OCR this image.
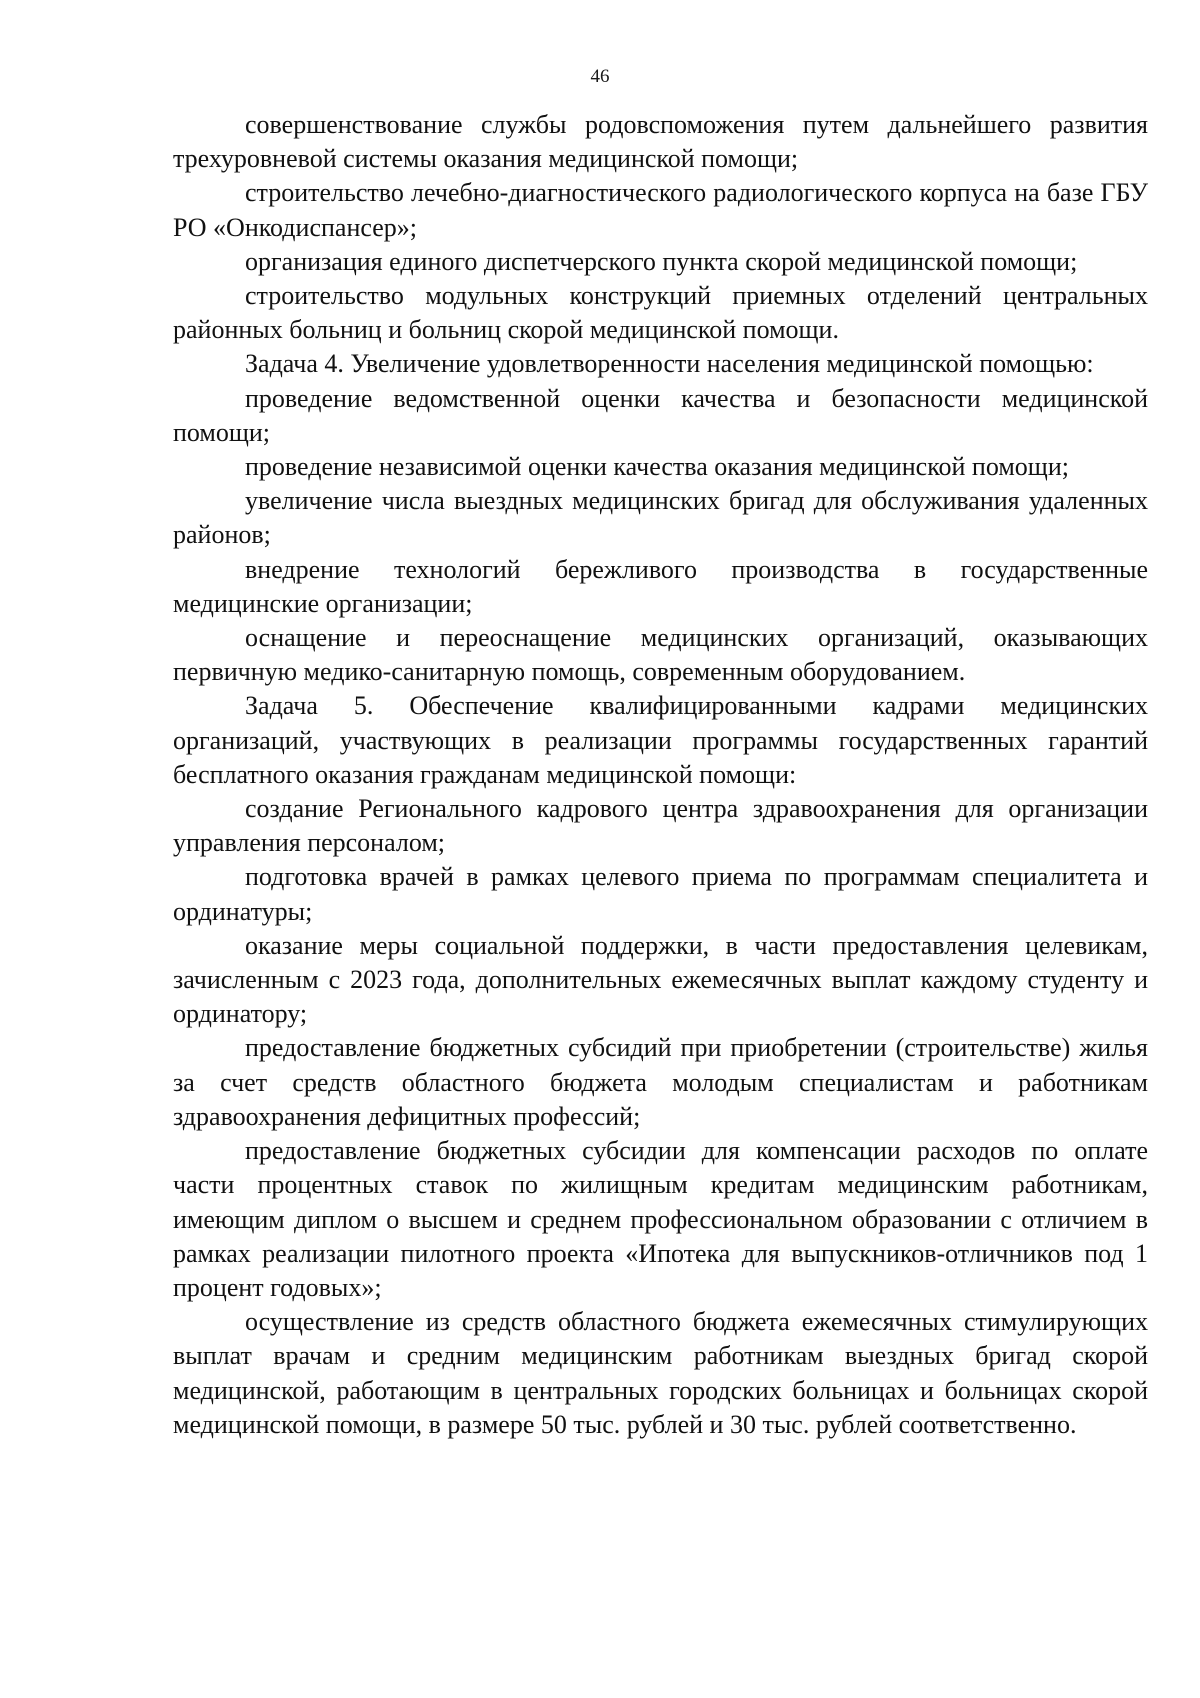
46

совершенствование службы родовспоможения путем дальнейшего развития трехуровневой системы оказания медицинской помощи;

строительство лечебно-диагностического радиологического корпуса на базе ГБУ РО «Онкодиспансер»;

организация единого диспетчерского пункта скорой медицинской помощи;

строительство модульных конструкций приемных отделений центральных районных больниц и больниц скорой медицинской помощи.

Задача 4. Увеличение удовлетворенности населения медицинской помощью:

проведение ведомственной оценки качества и безопасности медицинской помощи;

проведение независимой оценки качества оказания медицинской помощи;

увеличение числа выездных медицинских бригад для обслуживания удаленных районов;

внедрение технологий бережливого производства в государственные медицинские организации;

оснащение и переоснащение медицинских организаций, оказывающих первичную медико-санитарную помощь, современным оборудованием.

Задача 5. Обеспечение квалифицированными кадрами медицинских организаций, участвующих в реализации программы государственных гарантий бесплатного оказания гражданам медицинской помощи:

создание Регионального кадрового центра здравоохранения для организации управления персоналом;

подготовка врачей в рамках целевого приема по программам специалитета и ординатуры;

оказание меры социальной поддержки, в части предоставления целевикам, зачисленным с 2023 года, дополнительных ежемесячных выплат каждому студенту и ординатору;

предоставление бюджетных субсидий при приобретении (строительстве) жилья за счет средств областного бюджета молодым специалистам и работникам здравоохранения дефицитных профессий;

предоставление бюджетных субсидии для компенсации расходов по оплате части процентных ставок по жилищным кредитам медицинским работникам, имеющим диплом о высшем и среднем профессиональном образовании с отличием в рамках реализации пилотного проекта «Ипотека для выпускников-отличников под 1 процент годовых»;

осуществление из средств областного бюджета ежемесячных стимулирующих выплат врачам и средним медицинским работникам выездных бригад скорой медицинской, работающим в центральных городских больницах и больницах скорой медицинской помощи, в размере 50 тыс. рублей и 30 тыс. рублей соответственно.
